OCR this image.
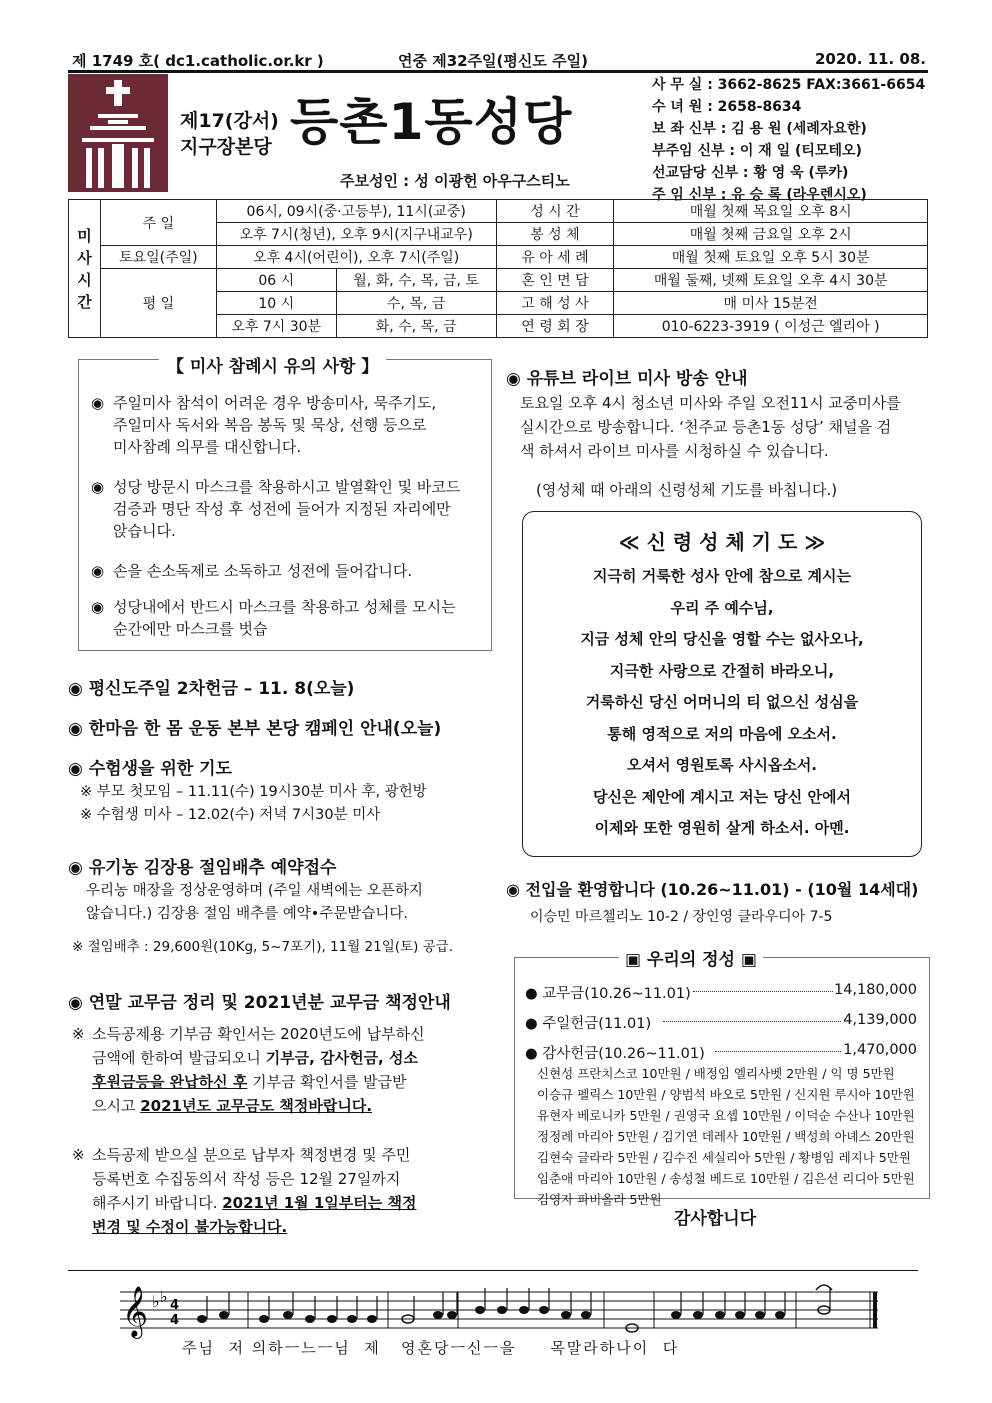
제 1749 호( dc1.catholic.or.kr )	연중 제32주일(평신도 주일)	2020. 11. 08.
제17(강서)
지구장본당 등촌1동성당
주보성인 : 성 이광헌 아우구스티노
사 무 실 : 3662-8625 FAX:3661-6654
수 녀 원 : 2658-8634
보 좌 신부 : 김 용 원 (세례자요한)
부주임 신부 : 이 재 일 (티모테오)
선교담당 신부 : 황 영 욱 (루카)
주 임 신부 : 유 승 록 (라우렌시오)
미
사
시
간	주 일	06시, 09시(중·고등부), 11시(교중)		성 시 간	매월 첫째 목요일 오후 8시
		오후 7시(청년), 오후 9시(지구내교우)		봉 성 체	매월 첫째 금요일 오후 2시
	토요일(주일)	오후 4시(어린이), 오후 7시(주일)		유 아 세 례	매월 첫째 토요일 오후 5시 30분
	평 일	06 시	월, 화, 수, 목, 금, 토	혼 인 면 담	매월 둘째, 넷째 토요일 오후 4시 30분
		10 시	수, 목, 금	고 해 성 사	매 미사 15분전
		오후 7시 30분	화, 수, 목, 금	연 령 회 장	010-6223-3919 ( 이성근 엘리아 )
【 미사 참례시 유의 사항 】
◉ 주일미사 참석이 어려운 경우 방송미사, 묵주기도,
주일미사 독서와 복음 봉독 및 묵상, 선행 등으로
미사참례 의무를 대신합니다.
◉ 성당 방문시 마스크를 착용하시고 발열확인 및 바코드
검증과 명단 작성 후 성전에 들어가 지정된 자리에만
앉습니다.
◉ 손을 손소독제로 소독하고 성전에 들어갑니다.
◉ 성당내에서 반드시 마스크를 착용하고 성체를 모시는
순간에만 마스크를 벗습
◉ 평신도주일 2차헌금 – 11. 8(오늘)
◉ 한마음 한 몸 운동 본부 본당 캠페인 안내(오늘)
◉ 수험생을 위한 기도
※ 부모 첫모임 – 11.11(수) 19시30분 미사 후, 광헌방
※ 수험생 미사 – 12.02(수) 저녁 7시30분 미사
◉ 유기농 김장용 절임배추 예약접수
우리농 매장을 정상운영하며 (주일 새벽에는 오픈하지
않습니다.) 김장용 절임 배추를 예약•주문받습니다.
※ 절임배추 : 29,600원(10Kg, 5~7포기), 11월 21일(토) 공급.
◉ 연말 교무금 정리 및 2021년분 교무금 책정안내
※ 소득공제용 기부금 확인서는 2020년도에 납부하신
금액에 한하여 발급되오니 기부금, 감사헌금, 성소
후원금등을 완납하신 후 기부금 확인서를 발급받
으시고 2021년도 교무금도 책정바랍니다.
※ 소득공제 받으실 분으로 납부자 책정변경 및 주민
등록번호 수집동의서 작성 등은 12월 27일까지
해주시기 바랍니다. 2021년 1월 1일부터는 책정
변경 및 수정이 불가능합니다.
◉ 유튜브 라이브 미사 방송 안내
토요일 오후 4시 청소년 미사와 주일 오전11시 교중미사를
실시간으로 방송합니다. ‘천주교 등촌1동 성당’ 채널을 검
색 하셔서 라이브 미사를 시청하실 수 있습니다.
(영성체 때 아래의 신령성체 기도를 바칩니다.)
≪ 신 령 성 체 기 도 ≫
지극히 거룩한 성사 안에 참으로 계시는
우리 주 예수님,
지금 성체 안의 당신을 영할 수는 없사오나,
지극한 사랑으로 간절히 바라오니,
거룩하신 당신 어머니의 티 없으신 성심을
통해 영적으로 저의 마음에 오소서.
오셔서 영원토록 사시옵소서.
당신은 제안에 계시고 저는 당신 안에서
이제와 또한 영원히 살게 하소서. 아멘.
◉ 전입을 환영합니다 (10.26~11.01) - (10월 14세대)
이승민 마르첼리노 10-2 / 장인영 클라우디아 7-5
▣ 우리의 정성 ▣
● 교무금(10.26~11.01)	14,180,000
● 주일헌금(11.01)	4,139,000
● 감사헌금(10.26~11.01)	1,470,000
신현성 프란치스코 10만원 / 배정임 엘리사벳 2만원 / 익 명 5만원
이승규 펠릭스 10만원 / 양범석 바오로 5만원 / 신지원 루시아 10만원
유현자 베로니카 5만원 / 권영국 요셉 10만원 / 이덕순 수산나 10만원
정정례 마리아 5만원 / 김기연 데레사 10만원 / 백성희 아녜스 20만원
김현숙 글라라 5만원 / 김수진 세실리아 5만원 / 황병임 레지나 5만원
임춘애 마리아 10만원 / 송성철 베드로 10만원 / 김은선 리디아 5만원
김영자 파비올라 5만원
감사합니다
𝄞 ♭ ♭ 4
4
주님  저 의하ㅡ느ㅡ님  제   영혼당ㅡ신ㅡ을     목말라하나이  다
